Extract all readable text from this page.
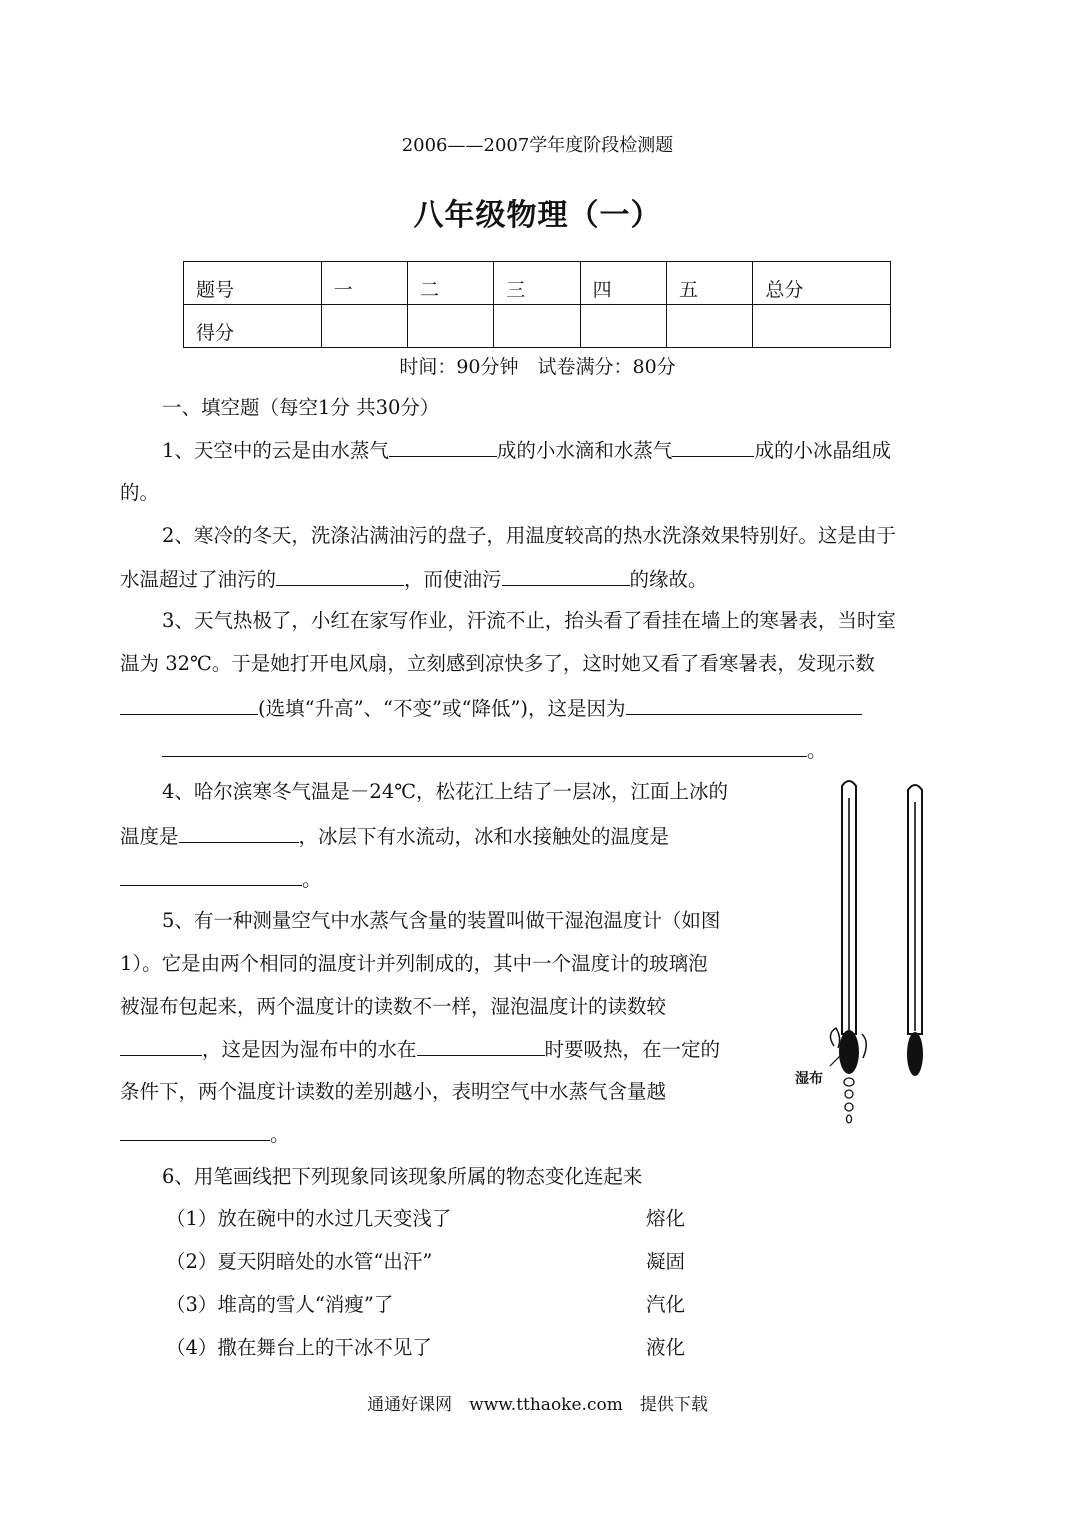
2006——2007学年度阶段检测题
八年级物理（一）
题号	一	二	三	四	五	总分
得分						
时间：90分钟　试卷满分：80分
一、填空题（每空1分 共30分）
1、天空中的云是由水蒸气	成的小水滴和水蒸气	成的小冰晶组成
的。
2、寒冷的冬天，洗涤沾满油污的盘子，用温度较高的热水洗涤效果特别好。这是由于
水温超过了油污的	，而使油污	的缘故。
3、天气热极了，小红在家写作业，汗流不止，抬头看了看挂在墙上的寒暑表，当时室
温为 32℃。于是她打开电风扇，立刻感到凉快多了，这时她又看了看寒暑表，发现示数
(选填“升高”、“不变”或“降低”)，这是因为
。
4、哈尔滨寒冬气温是－24℃，松花江上结了一层冰，江面上冰的
温度是	，冰层下有水流动，冰和水接触处的温度是
。
5、有一种测量空气中水蒸气含量的装置叫做干湿泡温度计（如图
1）。它是由两个相同的温度计并列制成的，其中一个温度计的玻璃泡
被湿布包起来，两个温度计的读数不一样，湿泡温度计的读数较
，这是因为湿布中的水在	时要吸热，在一定的
条件下，两个温度计读数的差别越小，表明空气中水蒸气含量越
。
湿布
6、用笔画线把下列现象同该现象所属的物态变化连起来
（1）放在碗中的水过几天变浅了	熔化
（2）夏天阴暗处的水管“出汗”	凝固
（3）堆高的雪人“消瘦”了	汽化
（4）撒在舞台上的干冰不见了	液化
通通好课网　www.tthaoke.com　提供下载
